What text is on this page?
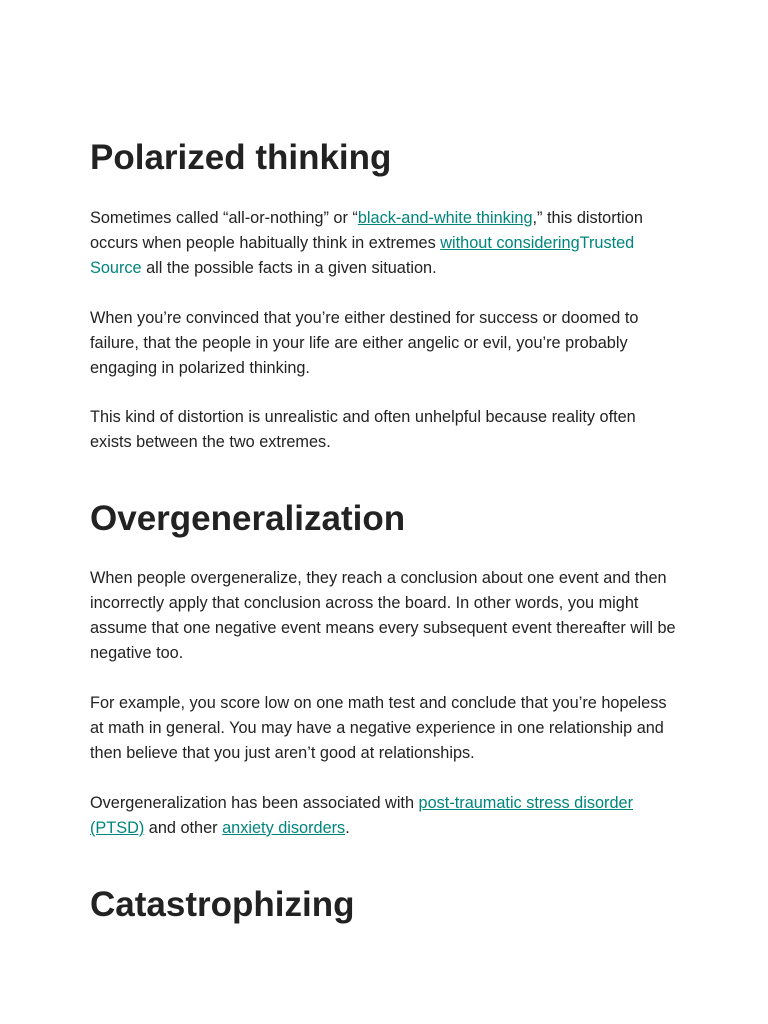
Polarized thinking

Sometimes called “all-or-nothing” or “black-and-white thinking,” this distortion occurs when people habitually think in extremes without consideringTrusted Source all the possible facts in a given situation.

When you’re convinced that you’re either destined for success or doomed to failure, that the people in your life are either angelic or evil, you’re probably engaging in polarized thinking.

This kind of distortion is unrealistic and often unhelpful because reality often exists between the two extremes.

Overgeneralization

When people overgeneralize, they reach a conclusion about one event and then incorrectly apply that conclusion across the board. In other words, you might assume that one negative event means every subsequent event thereafter will be negative too.

For example, you score low on one math test and conclude that you’re hopeless at math in general. You may have a negative experience in one relationship and then believe that you just aren’t good at relationships.

Overgeneralization has been associated with post-traumatic stress disorder (PTSD) and other anxiety disorders.

Catastrophizing
